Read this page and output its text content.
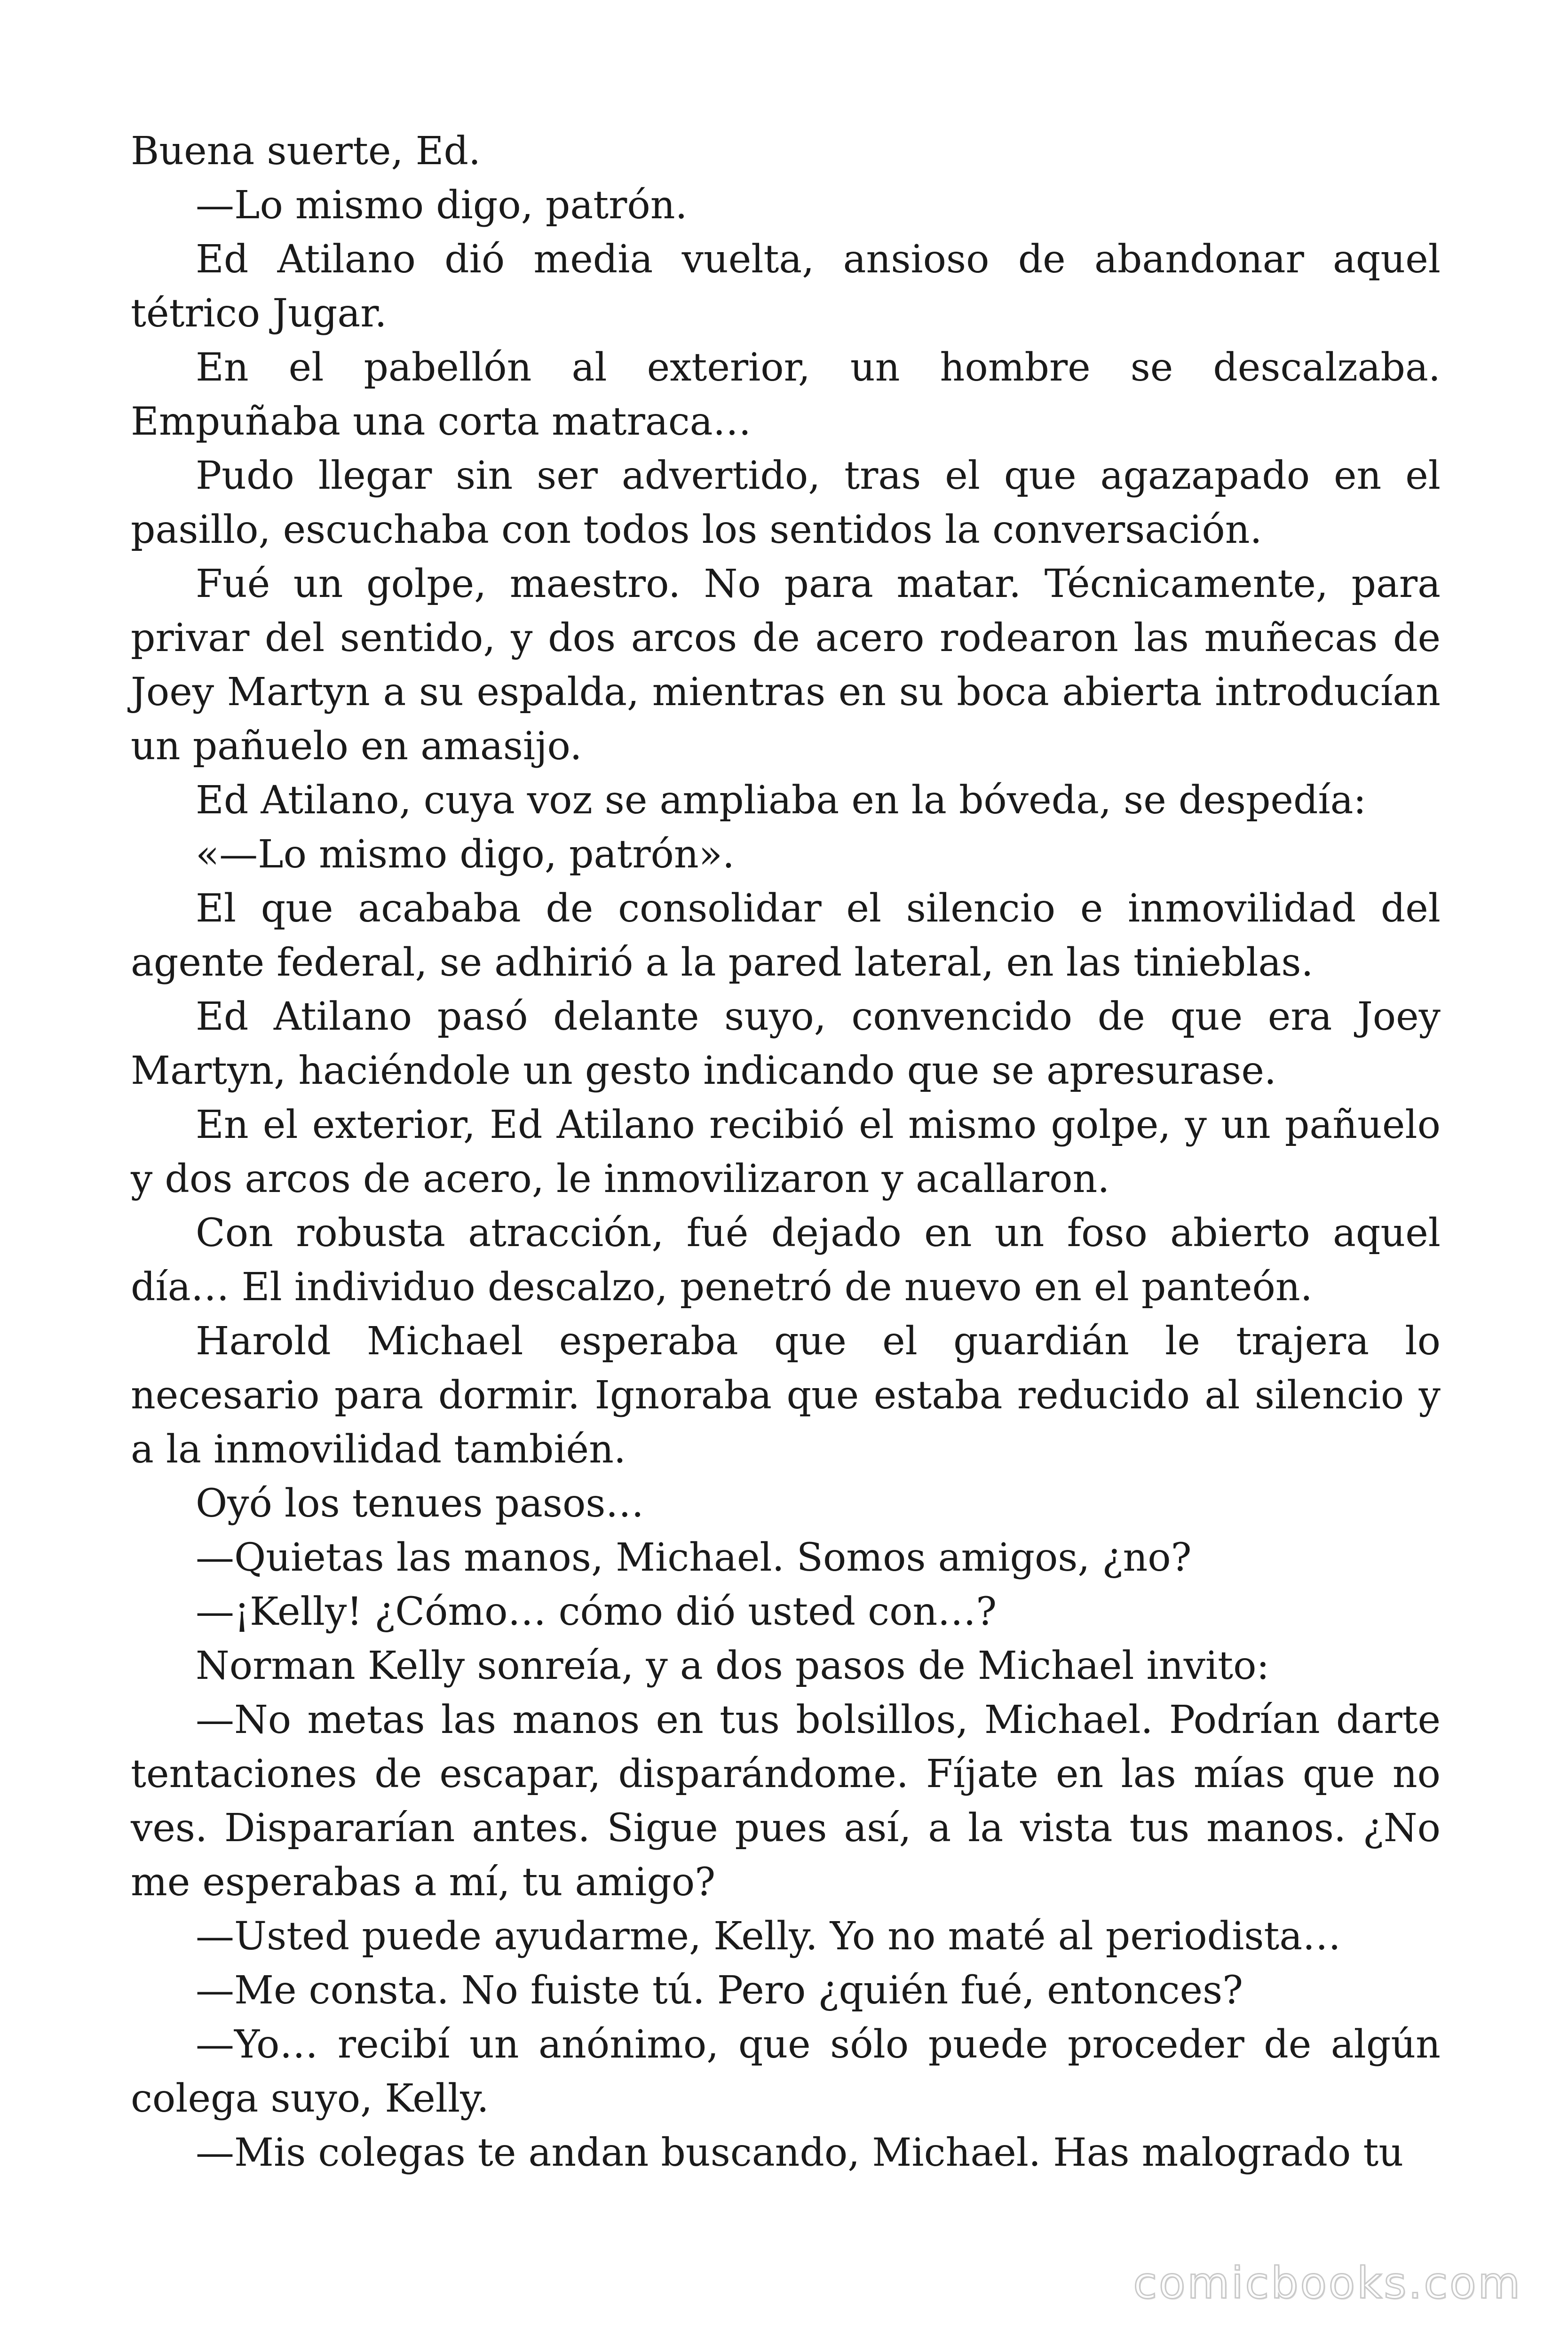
Buena suerte, Ed.

—Lo mismo digo, patrón.

Ed Atilano dió media vuelta, ansioso de abandonar aquel tétrico Jugar.

En el pabellón al exterior, un hombre se descalzaba. Empuñaba una corta matraca…

Pudo llegar sin ser advertido, tras el que agazapado en el pasillo, escuchaba con todos los sentidos la conversación.

Fué un golpe, maestro. No para matar. Técnicamente, para privar del sentido, y dos arcos de acero rodearon las muñecas de Joey Martyn a su espalda, mientras en su boca abierta introducían un pañuelo en amasijo.

Ed Atilano, cuya voz se ampliaba en la bóveda, se despedía:

«—Lo mismo digo, patrón».

El que acababa de consolidar el silencio e inmovilidad del agente federal, se adhirió a la pared lateral, en las tinieblas.

Ed Atilano pasó delante suyo, convencido de que era Joey Martyn, haciéndole un gesto indicando que se apresurase.

En el exterior, Ed Atilano recibió el mismo golpe, y un pañuelo y dos arcos de acero, le inmovilizaron y acallaron.

Con robusta atracción, fué dejado en un foso abierto aquel día… El individuo descalzo, penetró de nuevo en el panteón.

Harold Michael esperaba que el guardián le trajera lo necesario para dormir. Ignoraba que estaba reducido al silencio y a la inmovilidad también.

Oyó los tenues pasos…

—Quietas las manos, Michael. Somos amigos, ¿no?

—¡Kelly! ¿Cómo… cómo dió usted con…?

Norman Kelly sonreía, y a dos pasos de Michael invito:

—No metas las manos en tus bolsillos, Michael. Podrían darte tentaciones de escapar, disparándome. Fíjate en las mías que no ves. Dispararían antes. Sigue pues así, a la vista tus manos. ¿No me esperabas a mí, tu amigo?

—Usted puede ayudarme, Kelly. Yo no maté al periodista…

—Me consta. No fuiste tú. Pero ¿quién fué, entonces?

—Yo… recibí un anónimo, que sólo puede proceder de algún colega suyo, Kelly.

—Mis colegas te andan buscando, Michael. Has malogrado tu

comicbooks.com
